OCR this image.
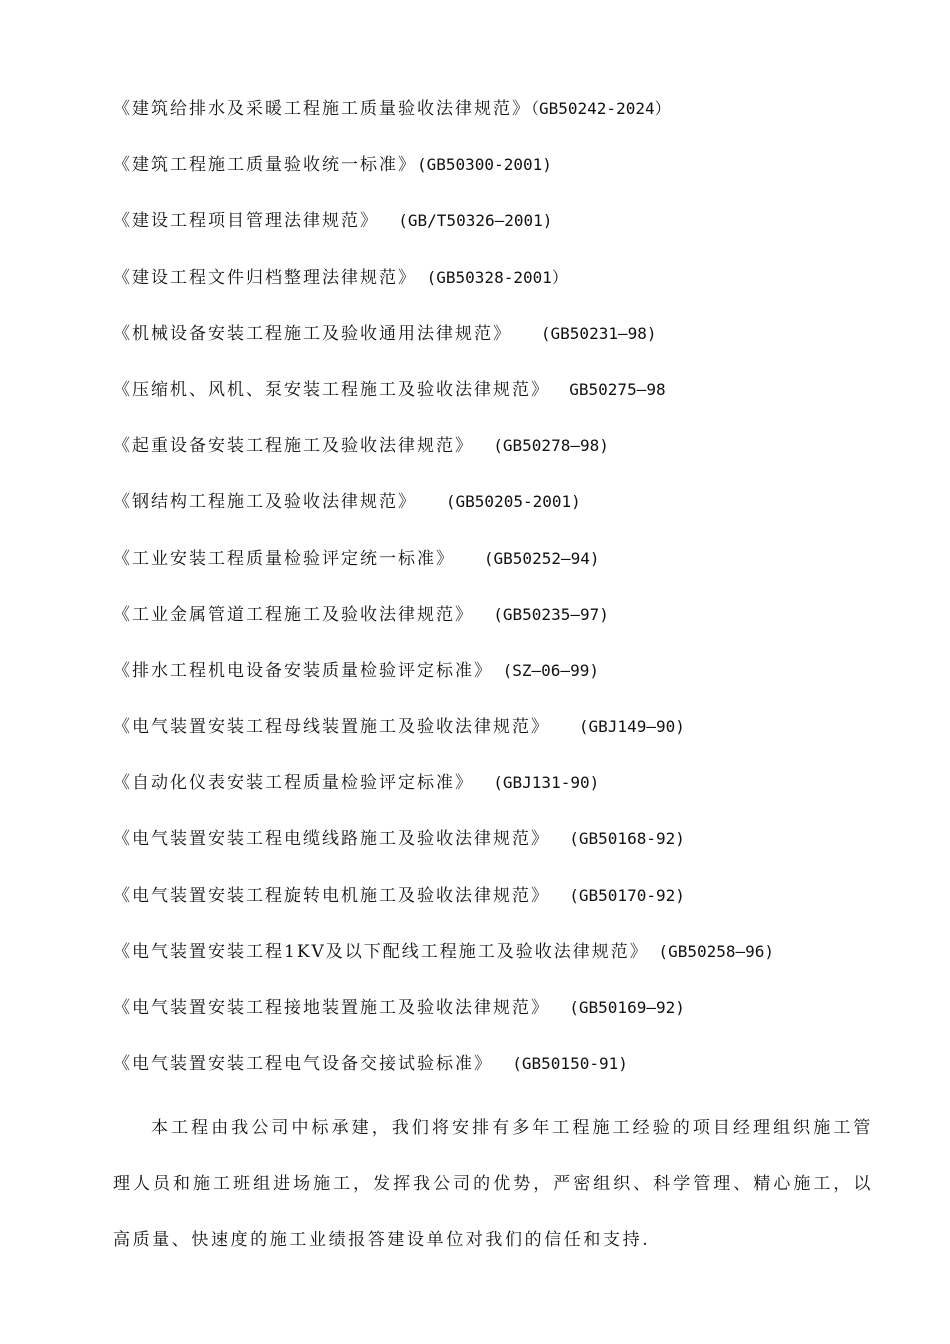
《建筑给排水及采暖工程施工质量验收法律规范》（GB50242-2024）
《建筑工程施工质量验收统一标准》(GB50300-2001)
《建设工程项目管理法律规范》  (GB/T50326—2001)
《建设工程文件归档整理法律规范》 (GB50328-2001）
《机械设备安装工程施工及验收通用法律规范》   (GB50231—98)
《压缩机、风机、泵安装工程施工及验收法律规范》  GB50275—98
《起重设备安装工程施工及验收法律规范》  (GB50278—98)
《钢结构工程施工及验收法律规范》   (GB50205-2001)
《工业安装工程质量检验评定统一标准》   (GB50252—94)
《工业金属管道工程施工及验收法律规范》  (GB50235—97)
《排水工程机电设备安装质量检验评定标准》 (SZ—06—99)
《电气装置安装工程母线装置施工及验收法律规范》   (GBJ149—90)
《自动化仪表安装工程质量检验评定标准》  (GBJ131-90)
《电气装置安装工程电缆线路施工及验收法律规范》  (GB50168-92)
《电气装置安装工程旋转电机施工及验收法律规范》  (GB50170-92)
《电气装置安装工程1KV及以下配线工程施工及验收法律规范》 (GB50258—96)
《电气装置安装工程接地装置施工及验收法律规范》  (GB50169—92)
《电气装置安装工程电气设备交接试验标准》  (GB50150-91)

本工程由我公司中标承建，我们将安排有多年工程施工经验的项目经理组织施工管理人员和施工班组进场施工，发挥我公司的优势，严密组织、科学管理、精心施工，以高质量、快速度的施工业绩报答建设单位对我们的信任和支持.
